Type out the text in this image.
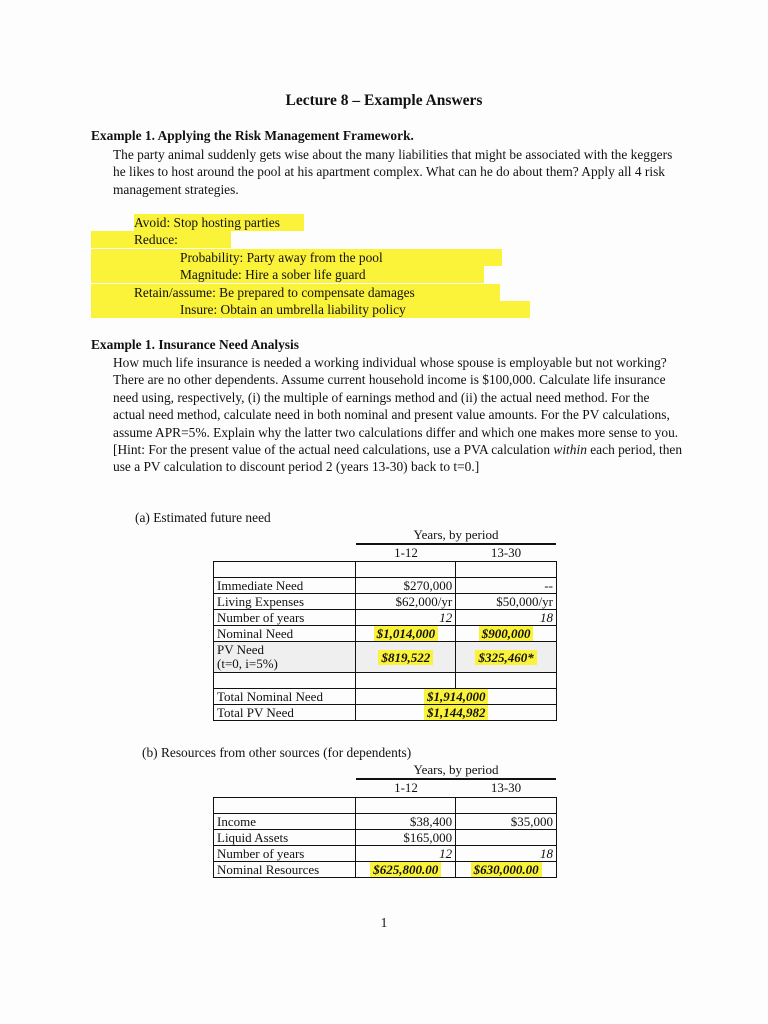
Lecture 8 – Example Answers
Example 1. Applying the Risk Management Framework.
The party animal suddenly gets wise about the many liabilities that might be associated with the keggers he likes to host around the pool at his apartment complex. What can he do about them? Apply all 4 risk management strategies.
Avoid: Stop hosting parties
Reduce:
Probability: Party away from the pool
Magnitude: Hire a sober life guard
Retain/assume: Be prepared to compensate damages
Insure: Obtain an umbrella liability policy
Example 1. Insurance Need Analysis
How much life insurance is needed a working individual whose spouse is employable but not working? There are no other dependents. Assume current household income is $100,000. Calculate life insurance need using, respectively, (i) the multiple of earnings method and (ii) the actual need method. For the actual need method, calculate need in both nominal and present value amounts. For the PV calculations, assume APR=5%. Explain why the latter two calculations differ and which one makes more sense to you. [Hint: For the present value of the actual need calculations, use a PVA calculation within each period, then use a PV calculation to discount period 2 (years 13-30) back to t=0.]
(a) Estimated future need
Years, by period
1-12	13-30

Immediate Need	$270,000	--
Living Expenses	$62,000/yr	$50,000/yr
Number of years	12	18
Nominal Need	$1,014,000	$900,000
PV Need
(t=0, i=5%)	$819,522	$325,460*

Total Nominal Need	$1,914,000	
Total PV Need	$1,144,982	
(b) Resources from other sources (for dependents)
Years, by period
1-12	13-30

Income	$38,400	$35,000
Liquid Assets	$165,000	
Number of years	12	18
Nominal Resources	$625,800.00	$630,000.00
1
